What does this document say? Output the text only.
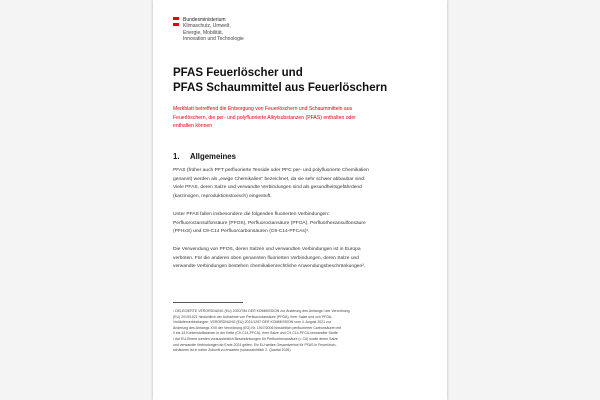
Bundesministerium
Klimaschutz, Umwelt,
Energie, Mobilität,
Innovation und Technologie
PFAS Feuerlöscher und
PFAS Schaummittel aus Feuerlöschern
Merkblatt betreffend die Entsorgung von Feuerlöschern und Schaummitteln aus
Feuerlöschern, die per- und polyfluorierte Alkylsubstanzen (PFAS) enthalten oder
enthalten können
1. Allgemeines
PFAS (früher auch PFT perfluorierte Tenside oder PFC per- und polyfluorierte Chemikalien
genannt) werden als „ewige Chemikalien" bezeichnet, da sie sehr schwer abbaubar sind.
Viele PFAS, deren Salze und verwandte Verbindungen sind als gesundheitsgefährdend
(karzinogen, reproduktionstoxisch) eingestuft.
Unter PFAS fallen insbesondere die folgenden fluorierten Verbindungen:
Perfluoroctansulfonsäure (PFOS), Perfluoroctansäure (PFOA), Perfluorhexansulfonsäure
(PFHxS) und C9-C14 Perfluorcarbonsäuren (C9-C14-PFCAs)¹.
Die Verwendung von PFOS, deren Salzen und verwandten Verbindungen ist in Europa
verboten. Für die anderen oben genannten fluorierten Verbindungen, deren Salze und
verwandte Verbindungen bestehen chemikalienrechtliche Anwendungsbeschränkungen².
¹ DELEGIERTE VERORDNUNG (EU) 2020/784 DER KOMMISSION zur Änderung des Anhangs I der Verordnung
(EU) 2019/1021 hinsichtlich der Aufnahme von Perfluoroctansäure (PFOA), ihrer Salze und von PFOA-
Vorläuferverbindungen; VERORDNUNG (EU) 2021/1297 DER KOMMISSION vom 4. August 2021 zur
Änderung des Anhangs XVII der Verordnung (EG) Nr. 1907/2006 hinsichtlich perfluorierter Carbonsäuren mit
9 bis 14 Kohlenstoffatomen in der Kette (C9-C14-PFCA), ihrer Salze und C9-C14-PFCA-verwandter Stoffe
² Auf EU-Ebene werden voraussichtlich Beschränkungen für Perfluorhexansäure (= C6) sowie deren Salze
und verwandte Verbindungen ab Ende 2024 gelten. Ein EU weites Gesamtverbot für PFAS in Feuerlösch-
schäumen ist in naher Zukunft zu erwarten (voraussichtlich 2. Quartal 2026).
